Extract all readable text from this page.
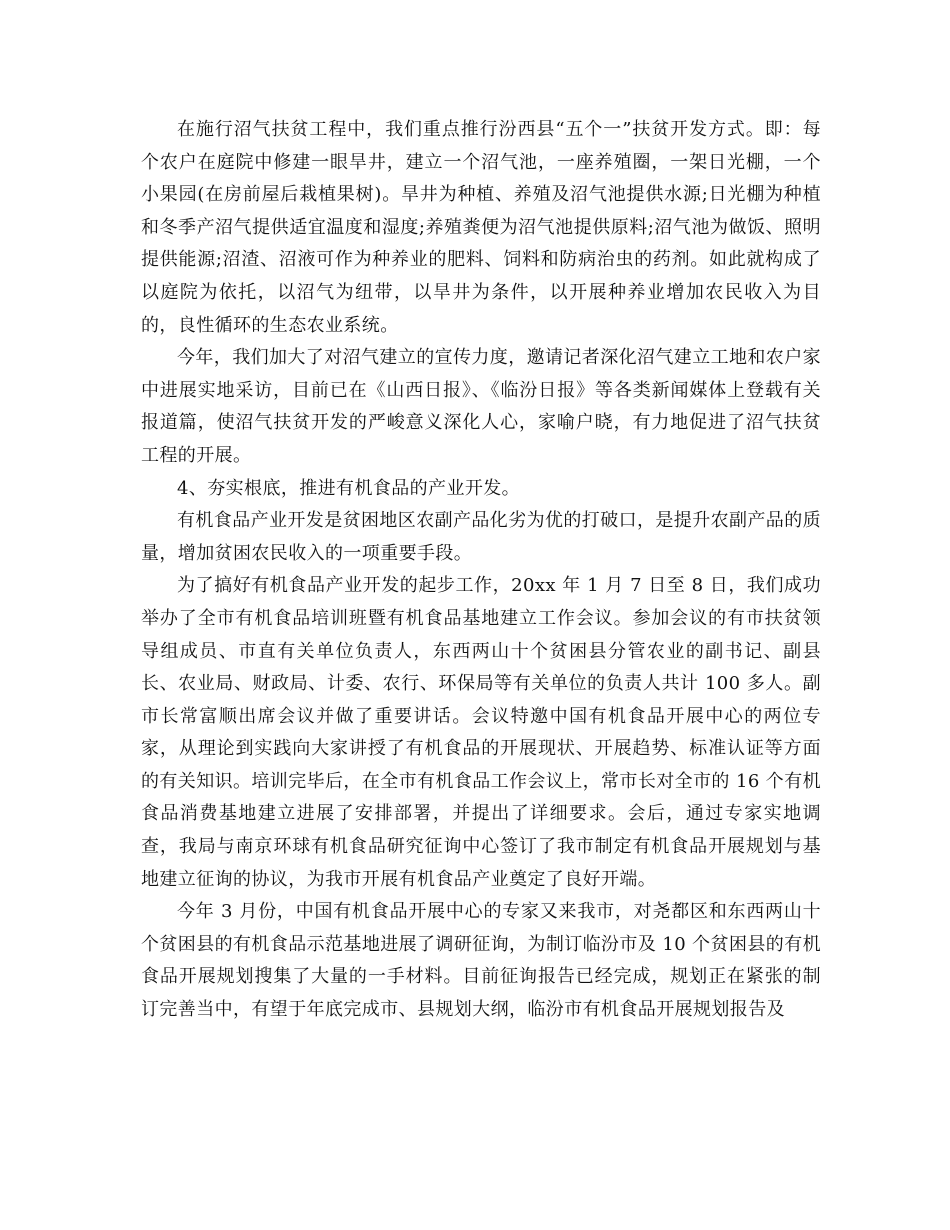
在施行沼气扶贫工程中，我们重点推行汾西县“五个一”扶贫开发方式。即：每个农户在庭院中修建一眼旱井，建立一个沼气池，一座养殖圈，一架日光棚，一个小果园(在房前屋后栽植果树)。旱井为种植、养殖及沼气池提供水源;日光棚为种植和冬季产沼气提供适宜温度和湿度;养殖粪便为沼气池提供原料;沼气池为做饭、照明提供能源;沼渣、沼液可作为种养业的肥料、饲料和防病治虫的药剂。如此就构成了以庭院为依托，以沼气为纽带，以旱井为条件，以开展种养业增加农民收入为目的，良性循环的生态农业系统。

今年，我们加大了对沼气建立的宣传力度，邀请记者深化沼气建立工地和农户家中进展实地采访，目前已在《山西日报》、《临汾日报》等各类新闻媒体上登载有关报道篇，使沼气扶贫开发的严峻意义深化人心，家喻户晓，有力地促进了沼气扶贫工程的开展。

4、夯实根底，推进有机食品的产业开发。

有机食品产业开发是贫困地区农副产品化劣为优的打破口，是提升农副产品的质量，增加贫困农民收入的一项重要手段。

为了搞好有机食品产业开发的起步工作，20xx 年 1 月 7 日至 8 日，我们成功举办了全市有机食品培训班暨有机食品基地建立工作会议。参加会议的有市扶贫领导组成员、市直有关单位负责人，东西两山十个贫困县分管农业的副书记、副县长、农业局、财政局、计委、农行、环保局等有关单位的负责人共计 100 多人。副市长常富顺出席会议并做了重要讲话。会议特邀中国有机食品开展中心的两位专家，从理论到实践向大家讲授了有机食品的开展现状、开展趋势、标准认证等方面的有关知识。培训完毕后，在全市有机食品工作会议上，常市长对全市的 16 个有机食品消费基地建立进展了安排部署，并提出了详细要求。会后，通过专家实地调查，我局与南京环球有机食品研究征询中心签订了我市制定有机食品开展规划与基地建立征询的协议，为我市开展有机食品产业奠定了良好开端。

今年 3 月份，中国有机食品开展中心的专家又来我市，对尧都区和东西两山十个贫困县的有机食品示范基地进展了调研征询，为制订临汾市及 10 个贫困县的有机食品开展规划搜集了大量的一手材料。目前征询报告已经完成，规划正在紧张的制订完善当中，有望于年底完成市、县规划大纲，临汾市有机食品开展规划报告及
